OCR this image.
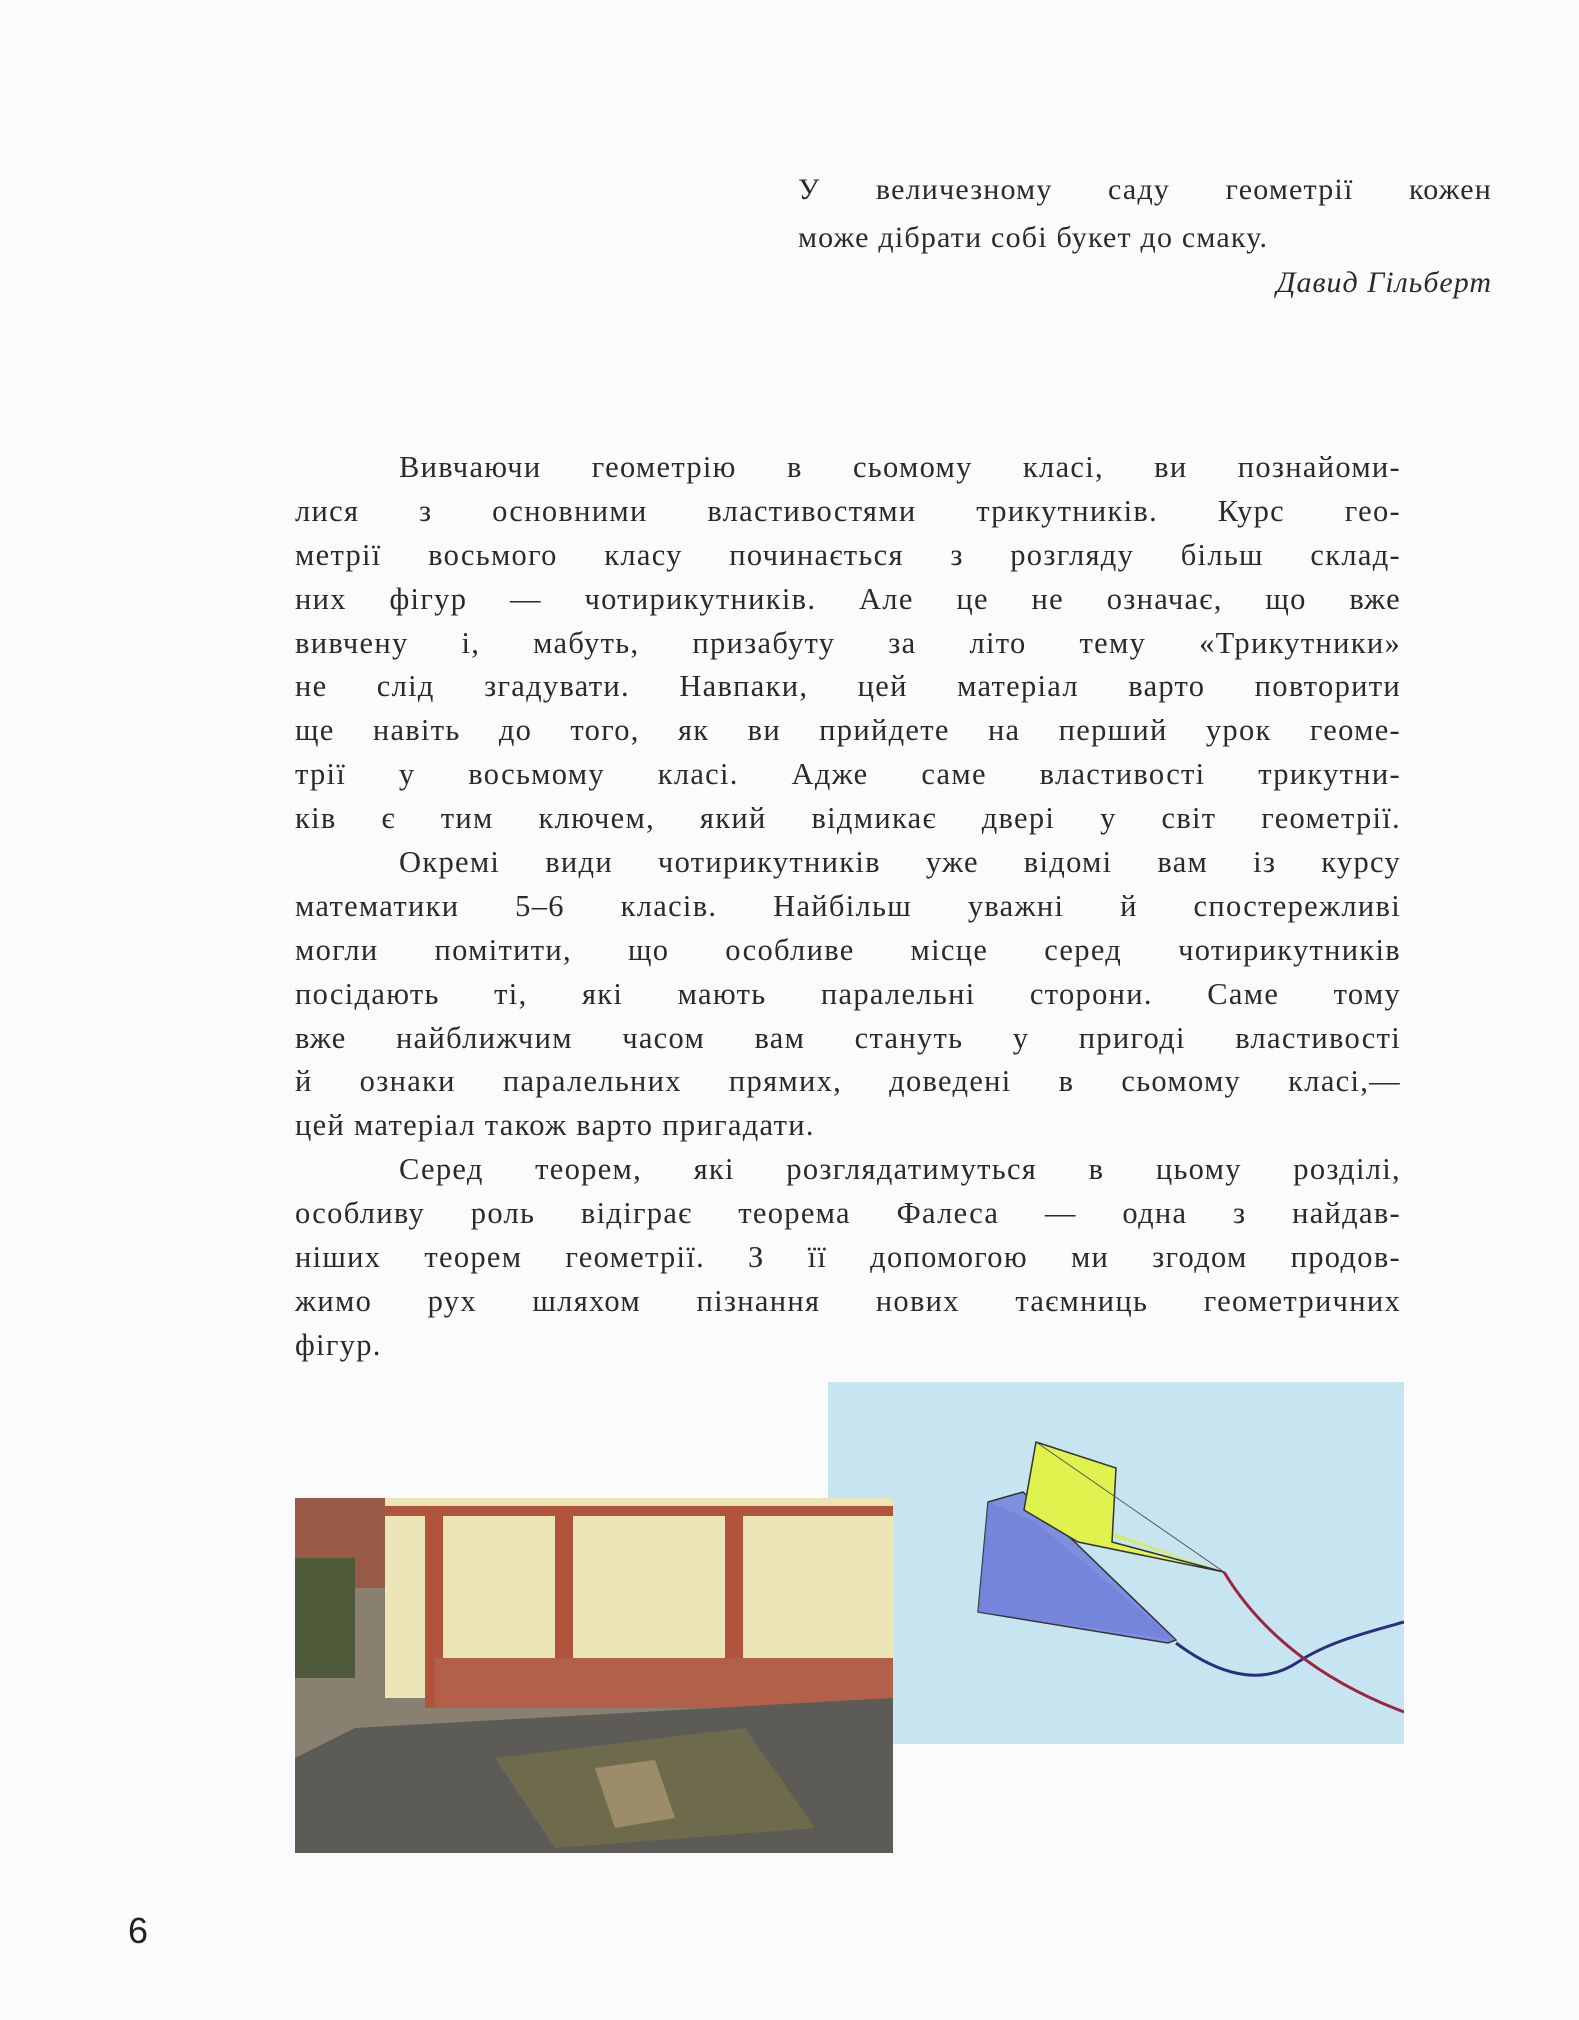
У величезному саду геометрії кожен
може дібрати собі букет до смаку.
Давид Гільберт
Вивчаючи геометрію в сьомому класі, ви познайоми-
лися з основними властивостями трикутників. Курс гео-
метрії восьмого класу починається з розгляду більш склад-
них фігур — чотирикутників. Але це не означає, що вже
вивчену і, мабуть, призабуту за літо тему «Трикутники»
не слід згадувати. Навпаки, цей матеріал варто повторити
ще навіть до того, як ви прийдете на перший урок геоме-
трії у восьмому класі. Адже саме властивості трикутни-
ків є тим ключем, який відмикає двері у світ геометрії.
Окремі види чотирикутників уже відомі вам із курсу
математики 5–6 класів. Найбільш уважні й спостережливі
могли помітити, що особливе місце серед чотирикутників
посідають ті, які мають паралельні сторони. Саме тому
вже найближчим часом вам стануть у пригоді властивості
й ознаки паралельних прямих, доведені в сьомому класі,—
цей матеріал також варто пригадати.
Серед теорем, які розглядатимуться в цьому розділі,
особливу роль відіграє теорема Фалеса — одна з найдав-
ніших теорем геометрії. З її допомогою ми згодом продов-
жимо рух шляхом пізнання нових таємниць геометричних
фігур.
6
